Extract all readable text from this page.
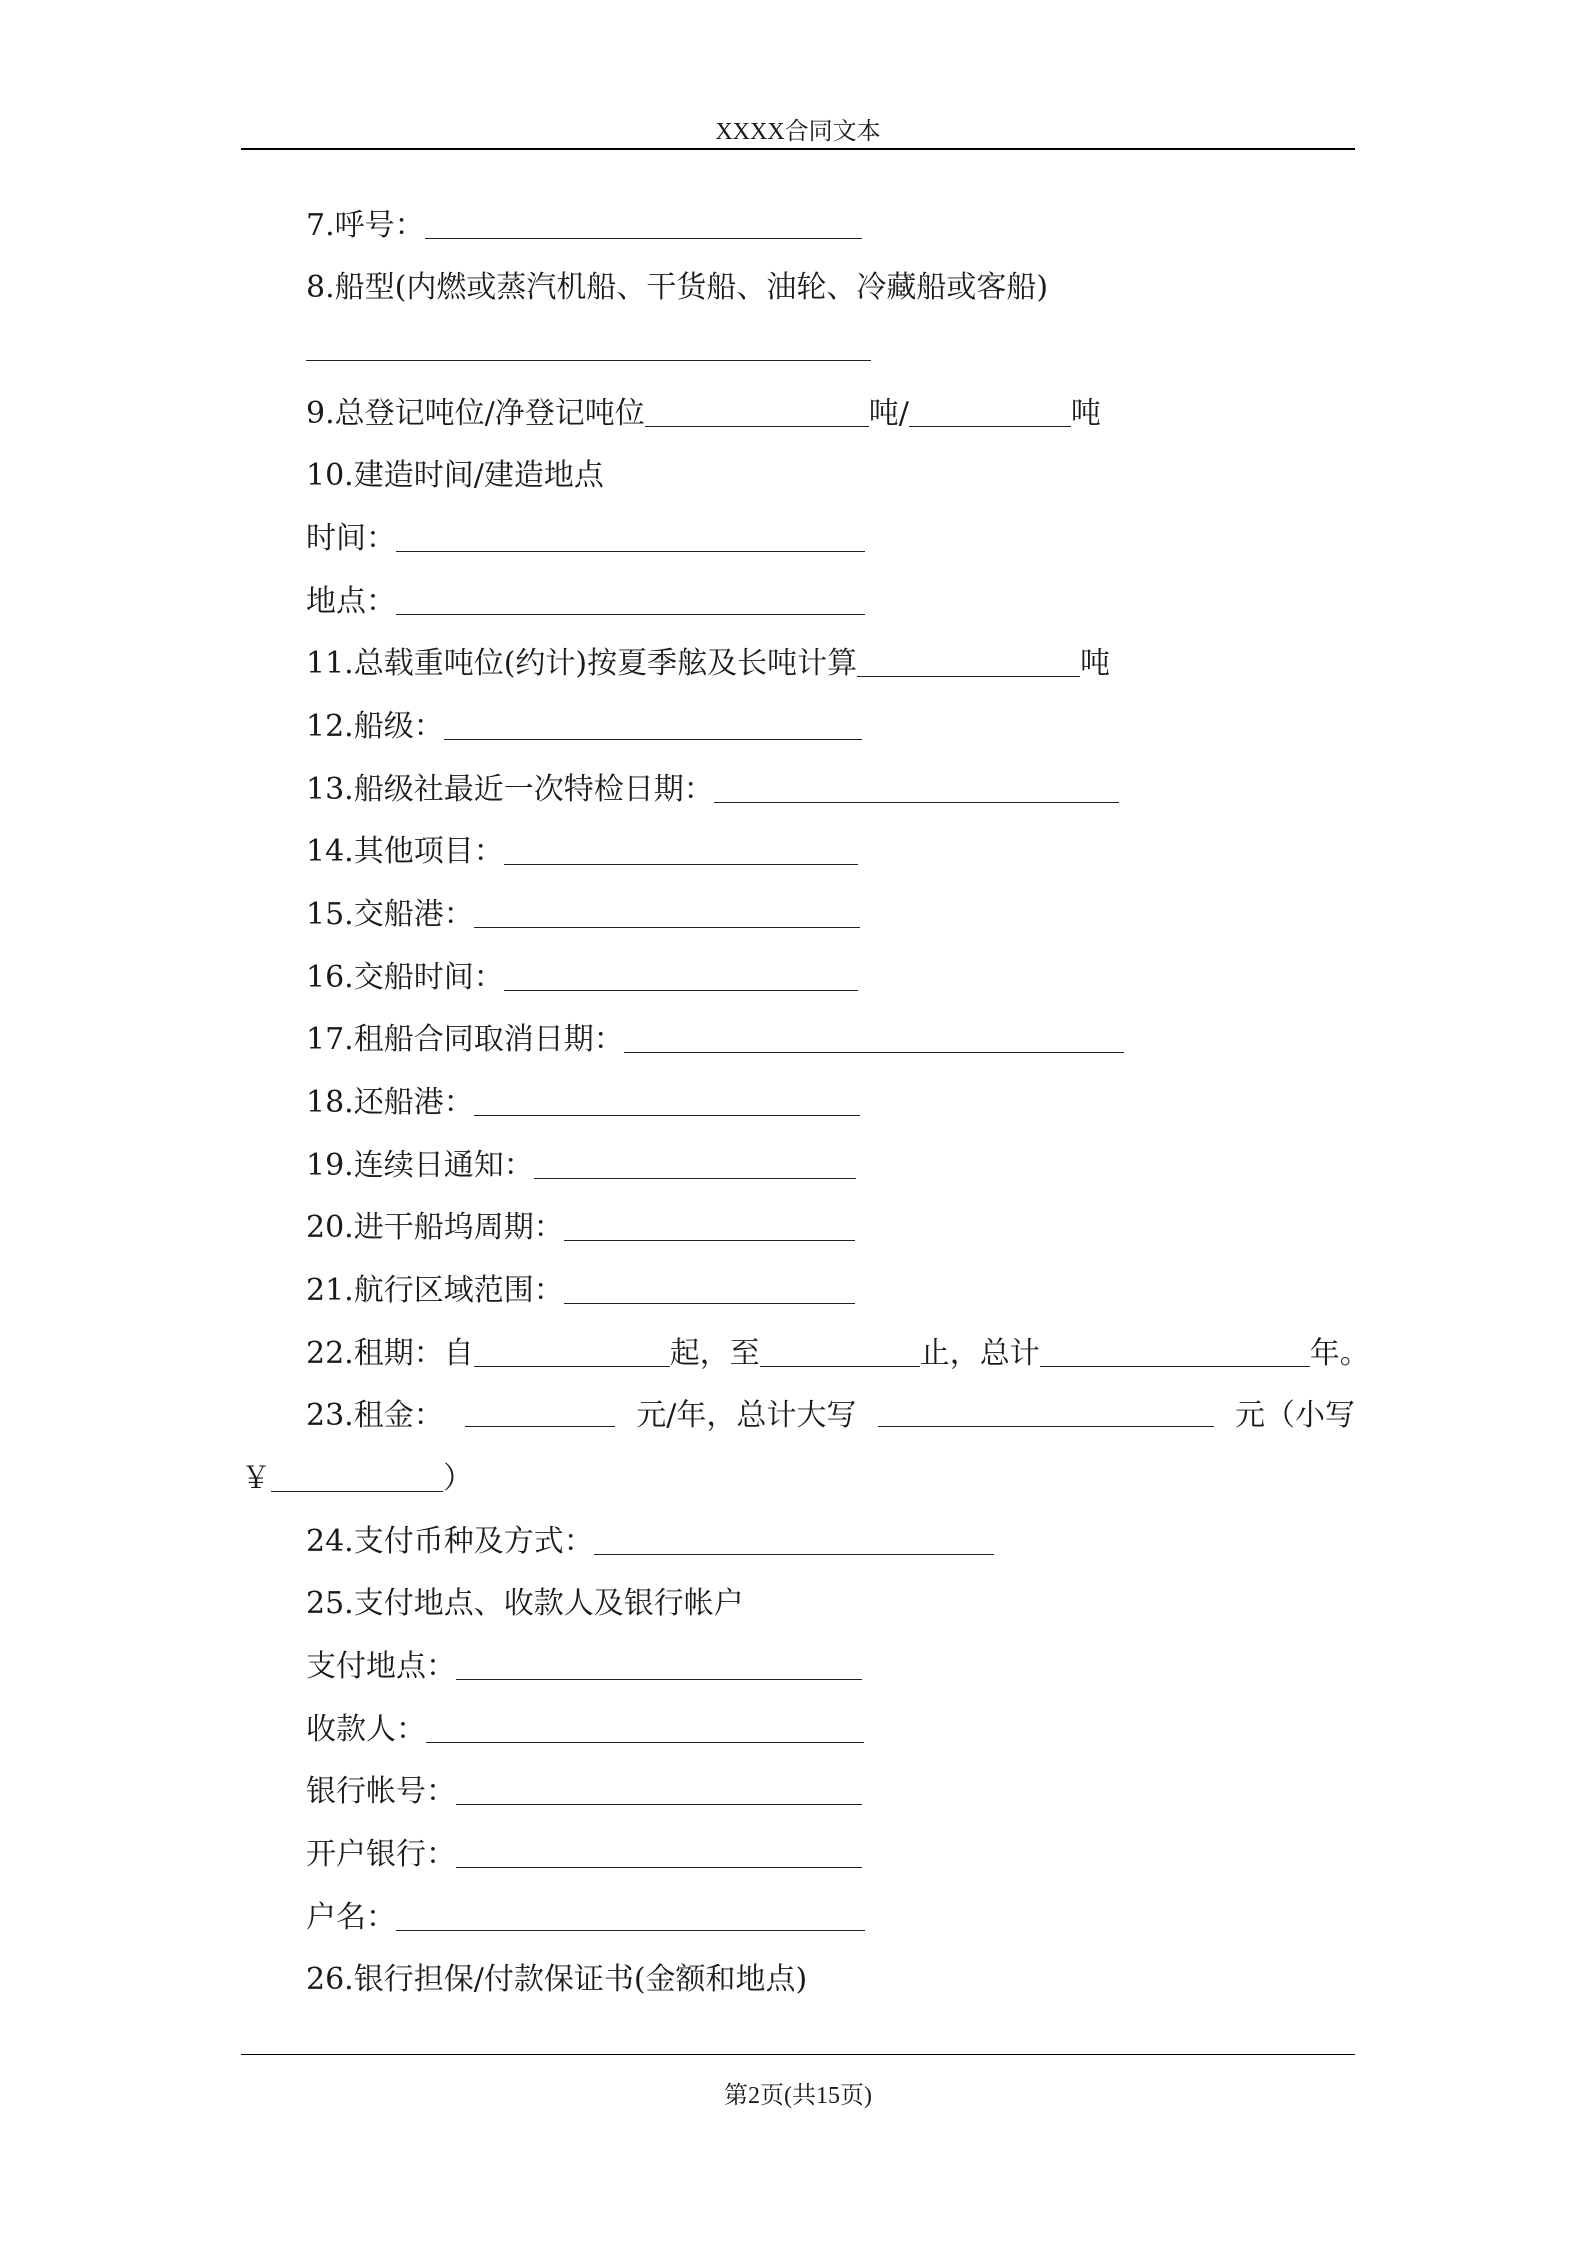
XXXX合同文本
7.呼号：
8.船型(内燃或蒸汽机船、干货船、油轮、冷藏船或客船)
9.总登记吨位/净登记吨位	吨/	吨
10.建造时间/建造地点
时间：
地点：
11.总载重吨位(约计)按夏季舷及长吨计算	吨
12.船级：
13.船级社最近一次特检日期：
14.其他项目：
15.交船港：
16.交船时间：
17.租船合同取消日期：
18.还船港：
19.连续日通知：
20.进干船坞周期：
21.航行区域范围：
22.租期：自	起，至	止，总计	年。
23.租金：	元/年，总计大写	元（小写
￥	）
24.支付币种及方式：
25.支付地点、收款人及银行帐户
支付地点：
收款人：
银行帐号：
开户银行：
户名：
26.银行担保/付款保证书(金额和地点)
第2页(共15页)
